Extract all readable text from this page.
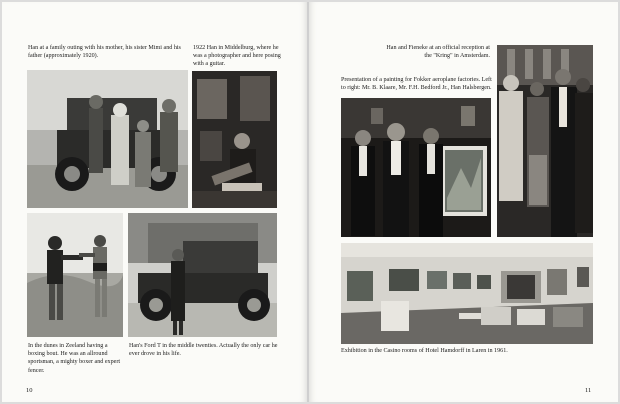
Han at a family outing with his mother, his sister Mimi and his father (approximately 1920).
1922 Han in Middelburg, where he was a photographer and here posing with a guitar.
In the dunes in Zeeland having a boxing bout. He was an allround sportsman, a mighty boxer and expert fencer.
Han's Ford T in the middle twenties. Actually the only car he ever drove in his life.
10
Han and Fieneke at an official reception at the "Kring" in Amsterdam.
Presentation of a painting for Fokker aeroplane factories. Left to right: Mr. B. Klaare, Mr. F.H. Bedford Jr., Han Halsbergen.
Exhibition in the Casino rooms of Hotel Hamdorff in Laren in 1961.
11
